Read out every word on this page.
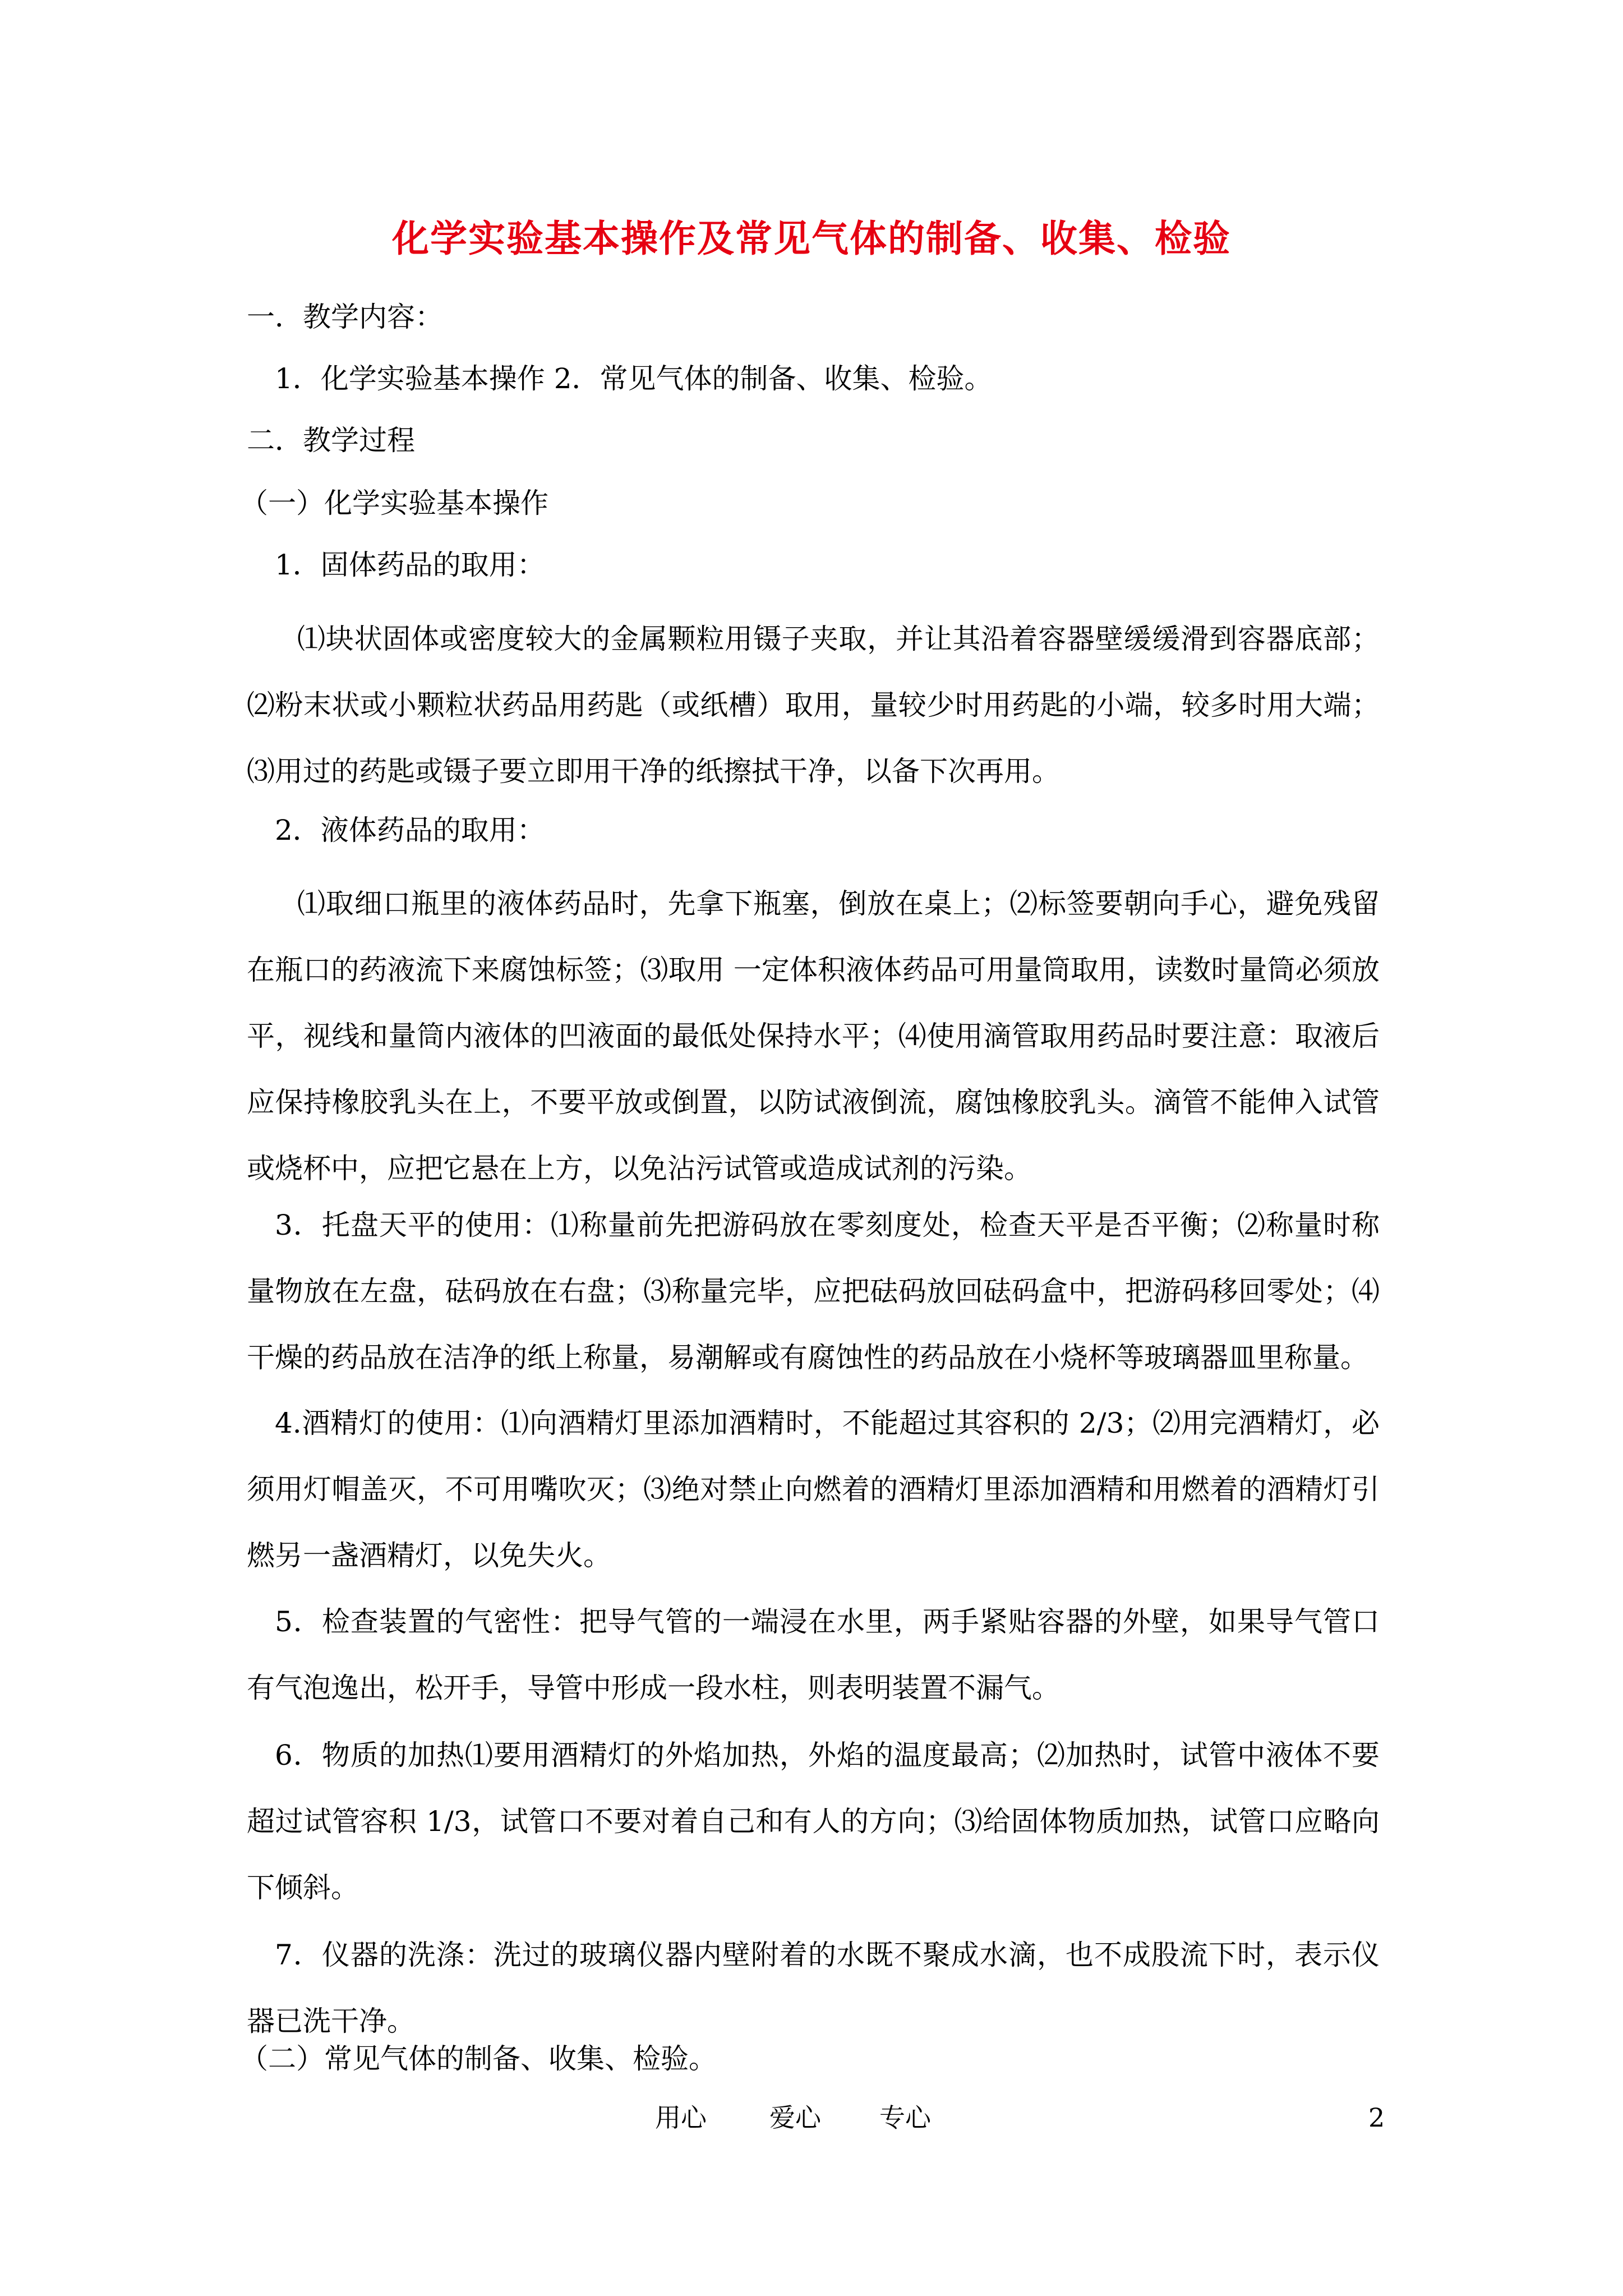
化学实验基本操作及常见气体的制备、收集、检验
一．教学内容：
1．化学实验基本操作 2．常见气体的制备、收集、检验。
二．教学过程
（一）化学实验基本操作
1．固体药品的取用：
⑴块状固体或密度较大的金属颗粒用镊子夹取，并让其沿着容器壁缓缓滑到容器底部；⑵粉末状或小颗粒状药品用药匙（或纸槽）取用，量较少时用药匙的小端，较多时用大端；⑶用过的药匙或镊子要立即用干净的纸擦拭干净，以备下次再用。
2．液体药品的取用：
⑴取细口瓶里的液体药品时，先拿下瓶塞，倒放在桌上；⑵标签要朝向手心，避免残留在瓶口的药液流下来腐蚀标签；⑶取用 一定体积液体药品可用量筒取用，读数时量筒必须放平，视线和量筒内液体的凹液面的最低处保持水平；⑷使用滴管取用药品时要注意：取液后应保持橡胶乳头在上，不要平放或倒置，以防试液倒流，腐蚀橡胶乳头。滴管不能伸入试管或烧杯中，应把它悬在上方，以免沾污试管或造成试剂的污染。
3．托盘天平的使用：⑴称量前先把游码放在零刻度处，检查天平是否平衡；⑵称量时称量物放在左盘，砝码放在右盘；⑶称量完毕，应把砝码放回砝码盒中，把游码移回零处；⑷干燥的药品放在洁净的纸上称量，易潮解或有腐蚀性的药品放在小烧杯等玻璃器皿里称量。
4.酒精灯的使用：⑴向酒精灯里添加酒精时，不能超过其容积的 2/3；⑵用完酒精灯，必须用灯帽盖灭，不可用嘴吹灭；⑶绝对禁止向燃着的酒精灯里添加酒精和用燃着的酒精灯引燃另一盏酒精灯，以免失火。
5．检查装置的气密性：把导气管的一端浸在水里，两手紧贴容器的外壁，如果导气管口有气泡逸出，松开手，导管中形成一段水柱，则表明装置不漏气。
6．物质的加热⑴要用酒精灯的外焰加热，外焰的温度最高；⑵加热时，试管中液体不要超过试管容积 1/3，试管口不要对着自己和有人的方向；⑶给固体物质加热，试管口应略向下倾斜。
7．仪器的洗涤：洗过的玻璃仪器内壁附着的水既不聚成水滴，也不成股流下时，表示仪器已洗干净。
（二）常见气体的制备、收集、检验。
用心 爱心 专心	2
